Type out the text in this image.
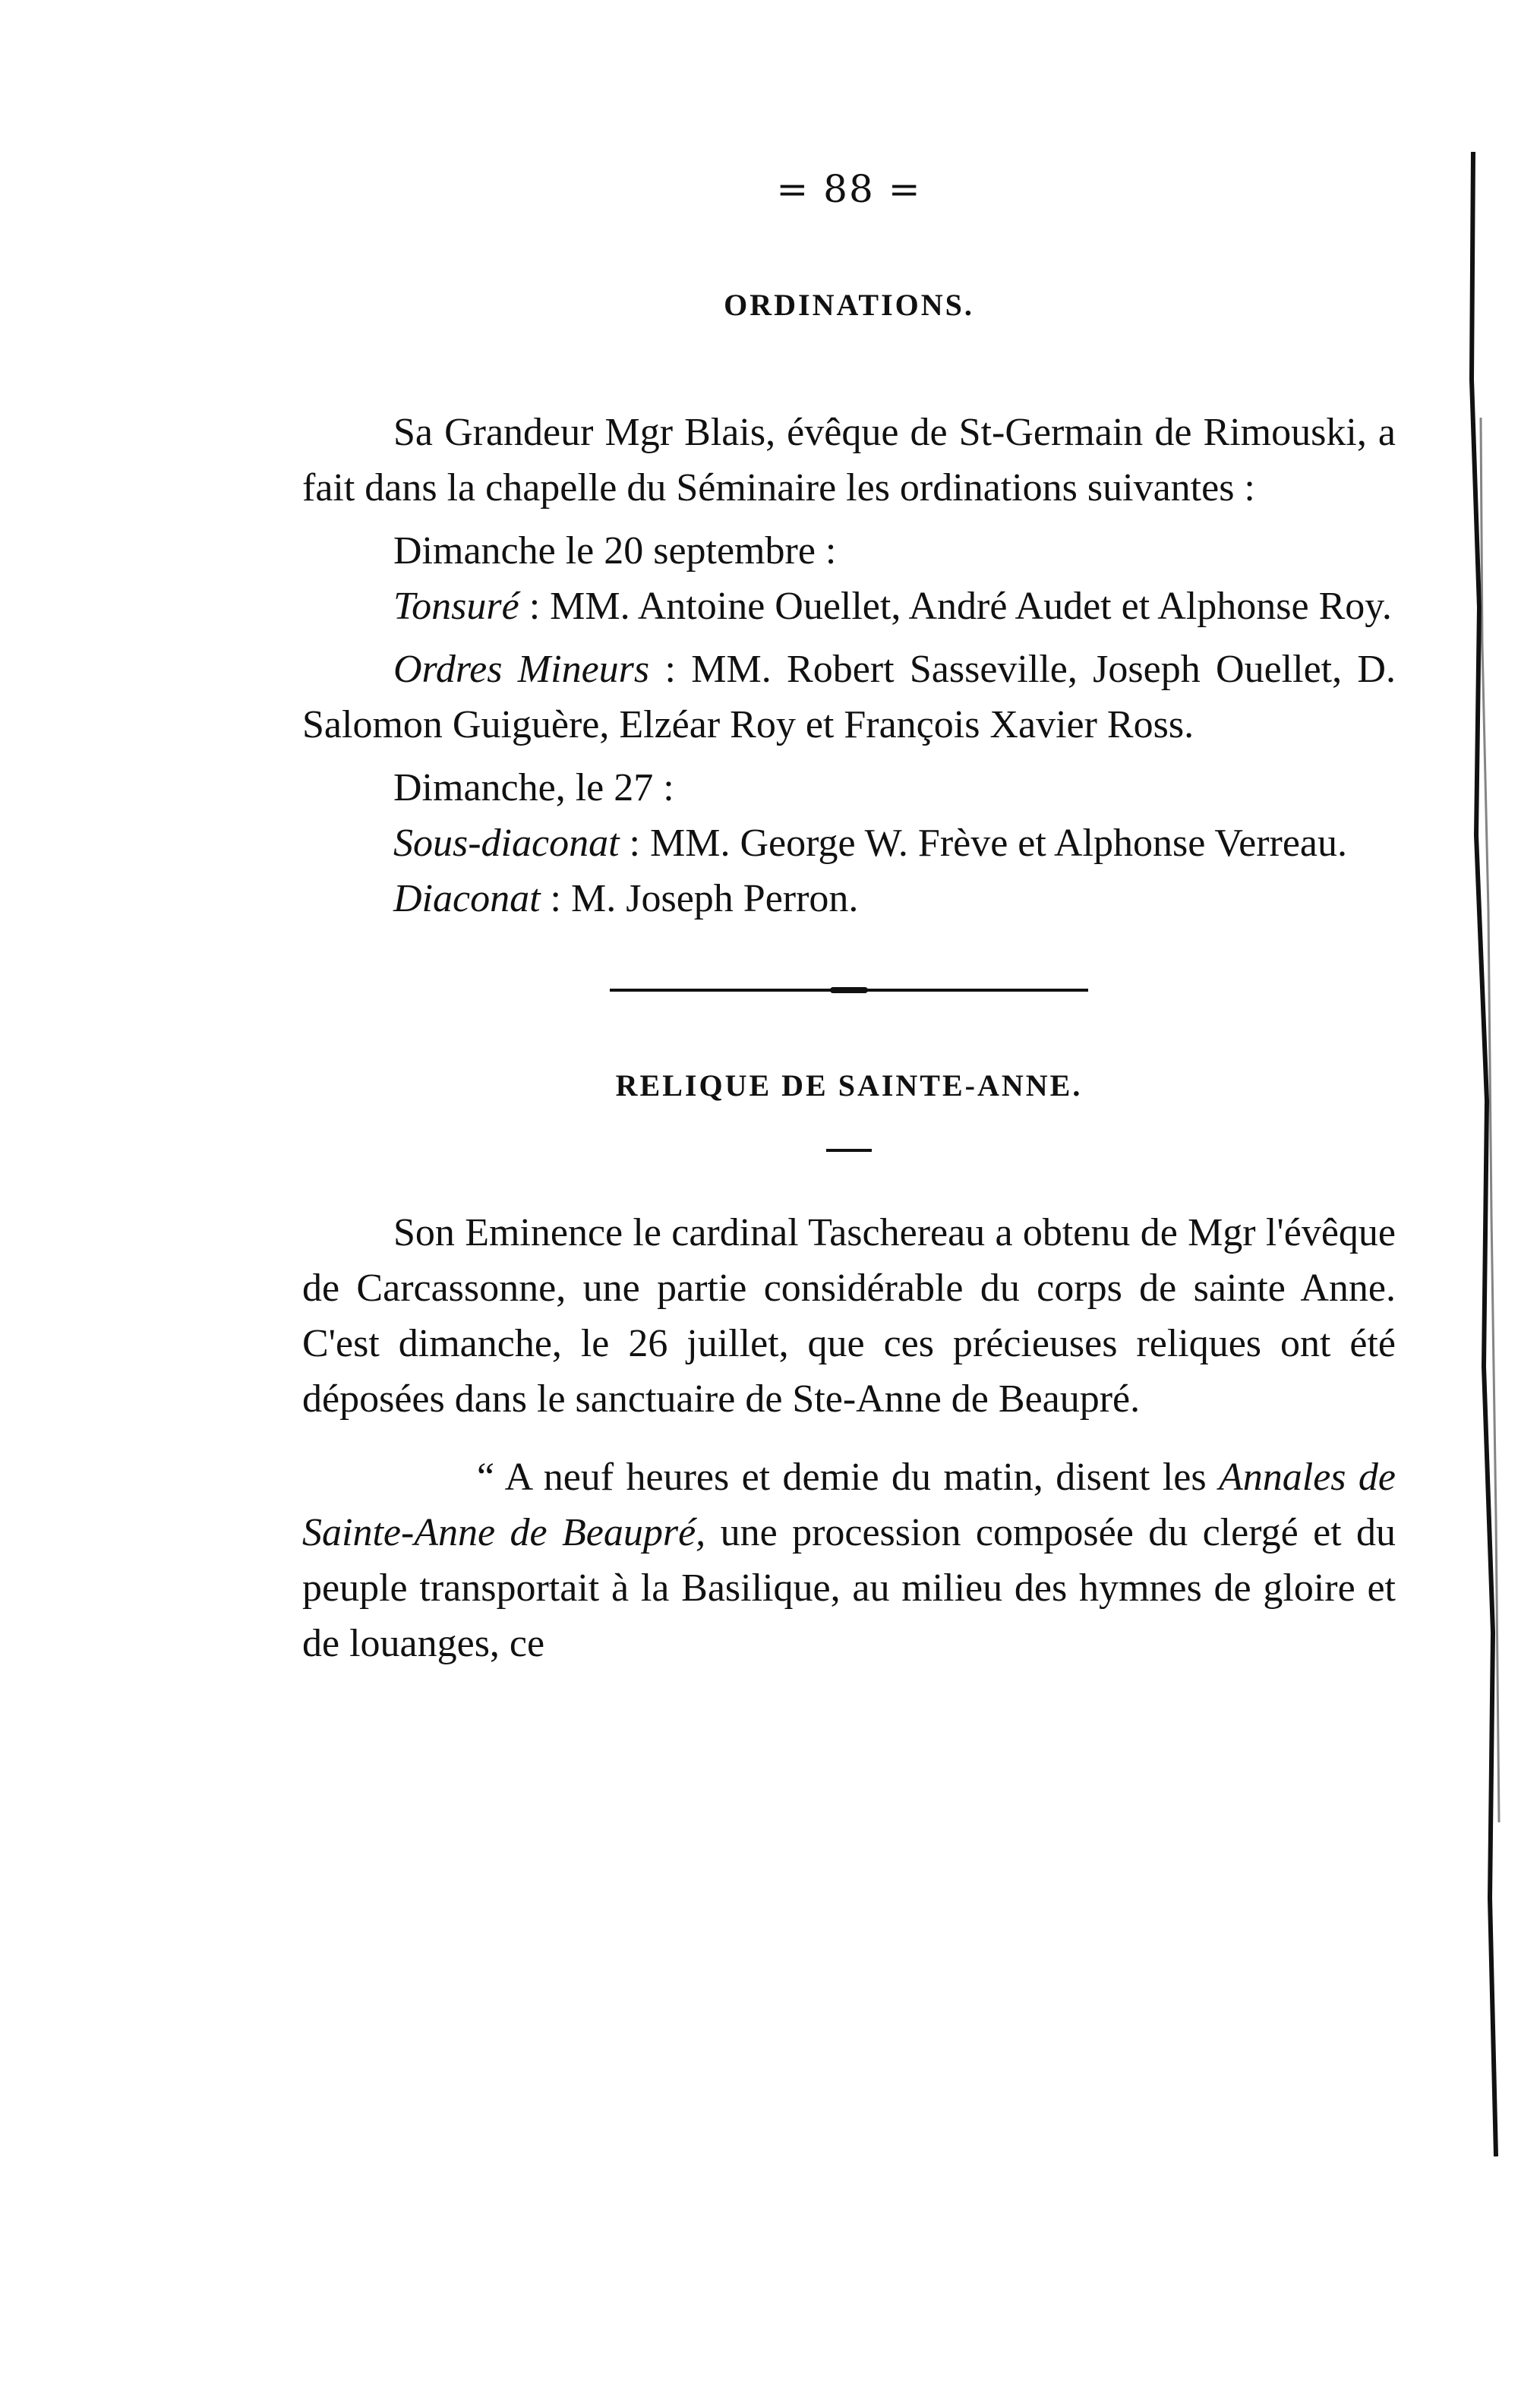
= 88 =
ORDINATIONS.

Sa Grandeur Mgr Blais, évêque de St-Germain de Rimouski, a fait dans la chapelle du Séminaire les ordinations suivantes :

Dimanche le 20 septembre :

Tonsuré : MM. Antoine Ouellet, André Audet et Alphonse Roy.

Ordres Mineurs : MM. Robert Sasseville, Joseph Ouellet, D. Salomon Guiguère, Elzéar Roy et François Xavier Ross.

Dimanche, le 27 :

Sous-diaconat : MM. George W. Frève et Alphonse Verreau.

Diaconat : M. Joseph Perron.

RELIQUE DE SAINTE-ANNE.

Son Eminence le cardinal Taschereau a obtenu de Mgr l'évêque de Carcassonne, une partie considérable du corps de sainte Anne. C'est dimanche, le 26 juillet, que ces précieuses reliques ont été déposées dans le sanctuaire de Ste-Anne de Beaupré.

“ A neuf heures et demie du matin, disent les Annales de Sainte-Anne de Beaupré, une procession composée du clergé et du peuple transportait à la Basilique, au milieu des hymnes de gloire et de louanges, ce
